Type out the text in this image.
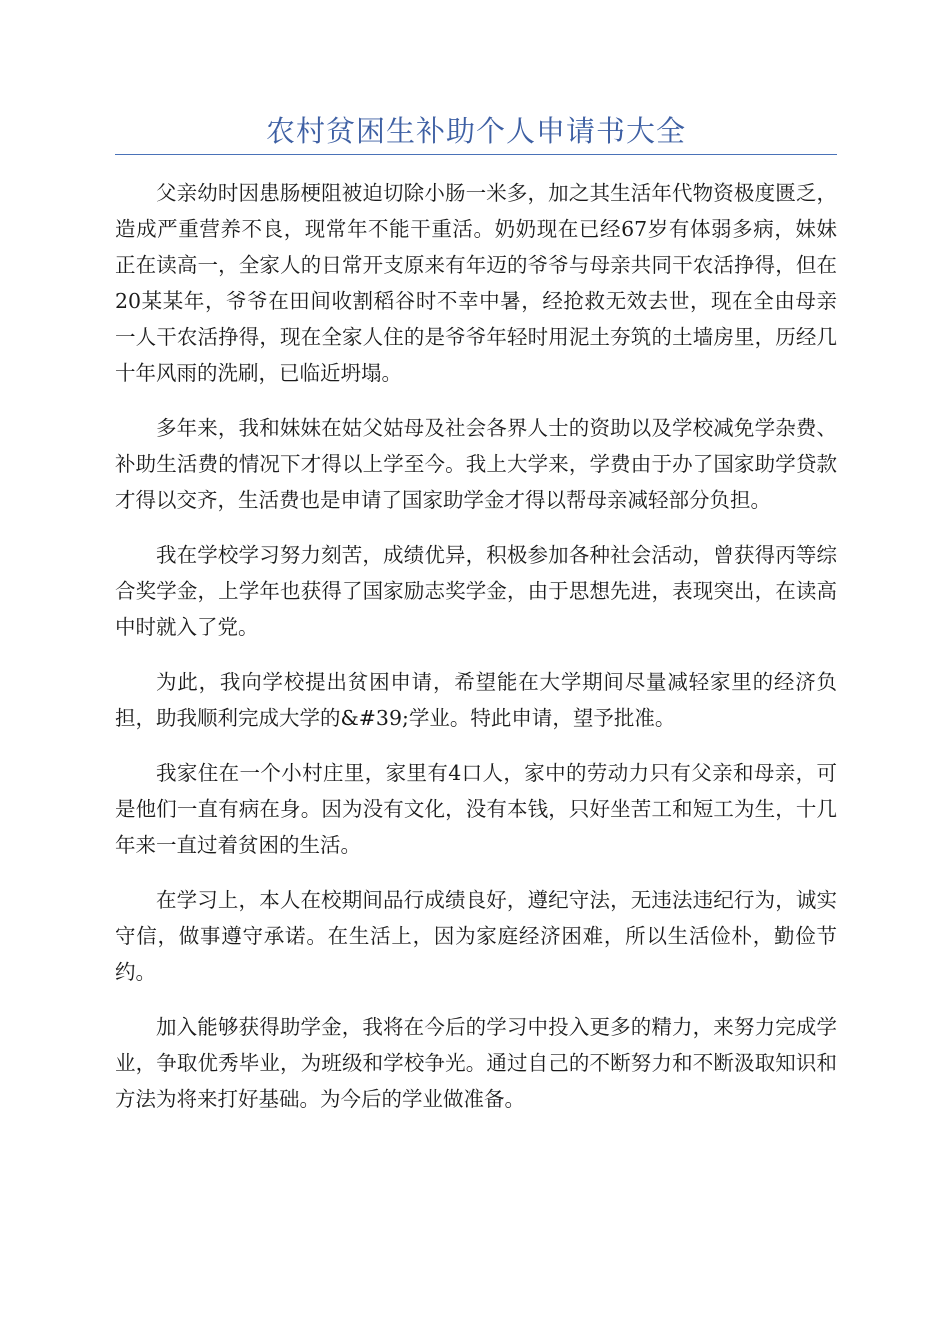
农村贫困生补助个人申请书大全

父亲幼时因患肠梗阻被迫切除小肠一米多，加之其生活年代物资极度匮乏，造成严重营养不良，现常年不能干重活。奶奶现在已经67岁有体弱多病，妹妹正在读高一，全家人的日常开支原来有年迈的爷爷与母亲共同干农活挣得，但在20某某年，爷爷在田间收割稻谷时不幸中暑，经抢救无效去世，现在全由母亲一人干农活挣得，现在全家人住的是爷爷年轻时用泥土夯筑的土墙房里，历经几十年风雨的洗刷，已临近坍塌。

多年来，我和妹妹在姑父姑母及社会各界人士的资助以及学校减免学杂费、补助生活费的情况下才得以上学至今。我上大学来，学费由于办了国家助学贷款才得以交齐，生活费也是申请了国家助学金才得以帮母亲减轻部分负担。

我在学校学习努力刻苦，成绩优异，积极参加各种社会活动，曾获得丙等综合奖学金，上学年也获得了国家励志奖学金，由于思想先进，表现突出，在读高中时就入了党。

为此，我向学校提出贫困申请，希望能在大学期间尽量减轻家里的经济负担，助我顺利完成大学的&#39;学业。特此申请，望予批准。

我家住在一个小村庄里，家里有4口人，家中的劳动力只有父亲和母亲，可是他们一直有病在身。因为没有文化，没有本钱，只好坐苦工和短工为生，十几年来一直过着贫困的生活。

在学习上，本人在校期间品行成绩良好，遵纪守法，无违法违纪行为，诚实守信，做事遵守承诺。在生活上，因为家庭经济困难，所以生活俭朴，勤俭节约。

加入能够获得助学金，我将在今后的学习中投入更多的精力，来努力完成学业，争取优秀毕业，为班级和学校争光。通过自己的不断努力和不断汲取知识和方法为将来打好基础。为今后的学业做准备。
